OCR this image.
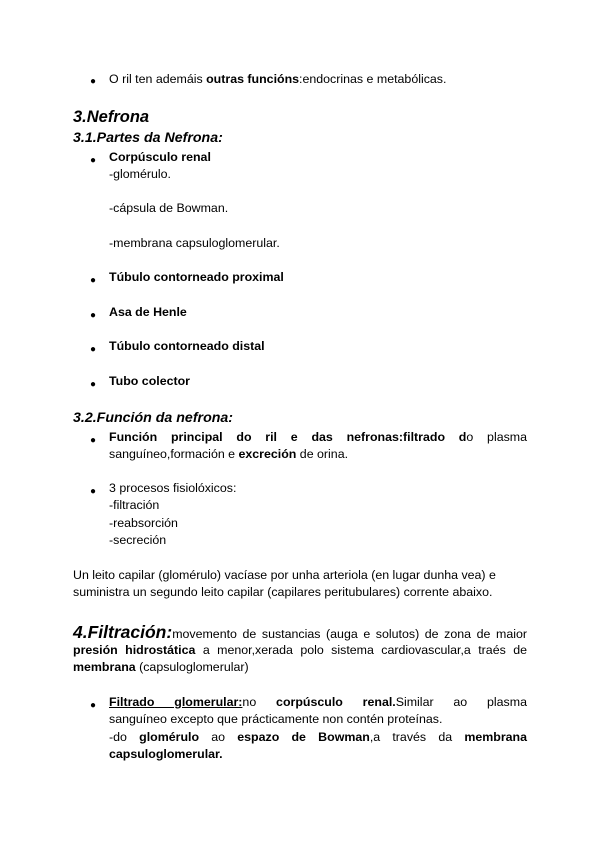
● O ril ten ademáis outras funcións:endocrinas e metabólicas.
3.Nefrona
3.1.Partes da Nefrona:
● Corpúsculo renal
-glomérulo.
-cápsula de Bowman.
-membrana capsuloglomerular.
● Túbulo contorneado proximal
● Asa de Henle
● Túbulo contorneado distal
● Tubo colector
3.2.Función da nefrona:
● Función principal do ril e das nefronas:filtrado do plasma
sanguíneo,formación e excreción de orina.
● 3 procesos fisiolóxicos:
-filtración
-reabsorción
-secreción
Un leito capilar (glomérulo) vacíase por unha arteriola (en lugar dunha vea) e
suministra un segundo leito capilar (capilares peritubulares) corrente abaixo.
4.Filtración:movemento de sustancias (auga e solutos) de zona de maior
presión hidrostática a menor,xerada polo sistema cardiovascular,a traés de
membrana (capsuloglomerular)
● Filtrado glomerular:no corpúsculo renal.Similar ao plasma
sanguíneo excepto que prácticamente non contén proteínas.
-do glomérulo ao espazo de Bowman,a través da membrana
capsuloglomerular.
